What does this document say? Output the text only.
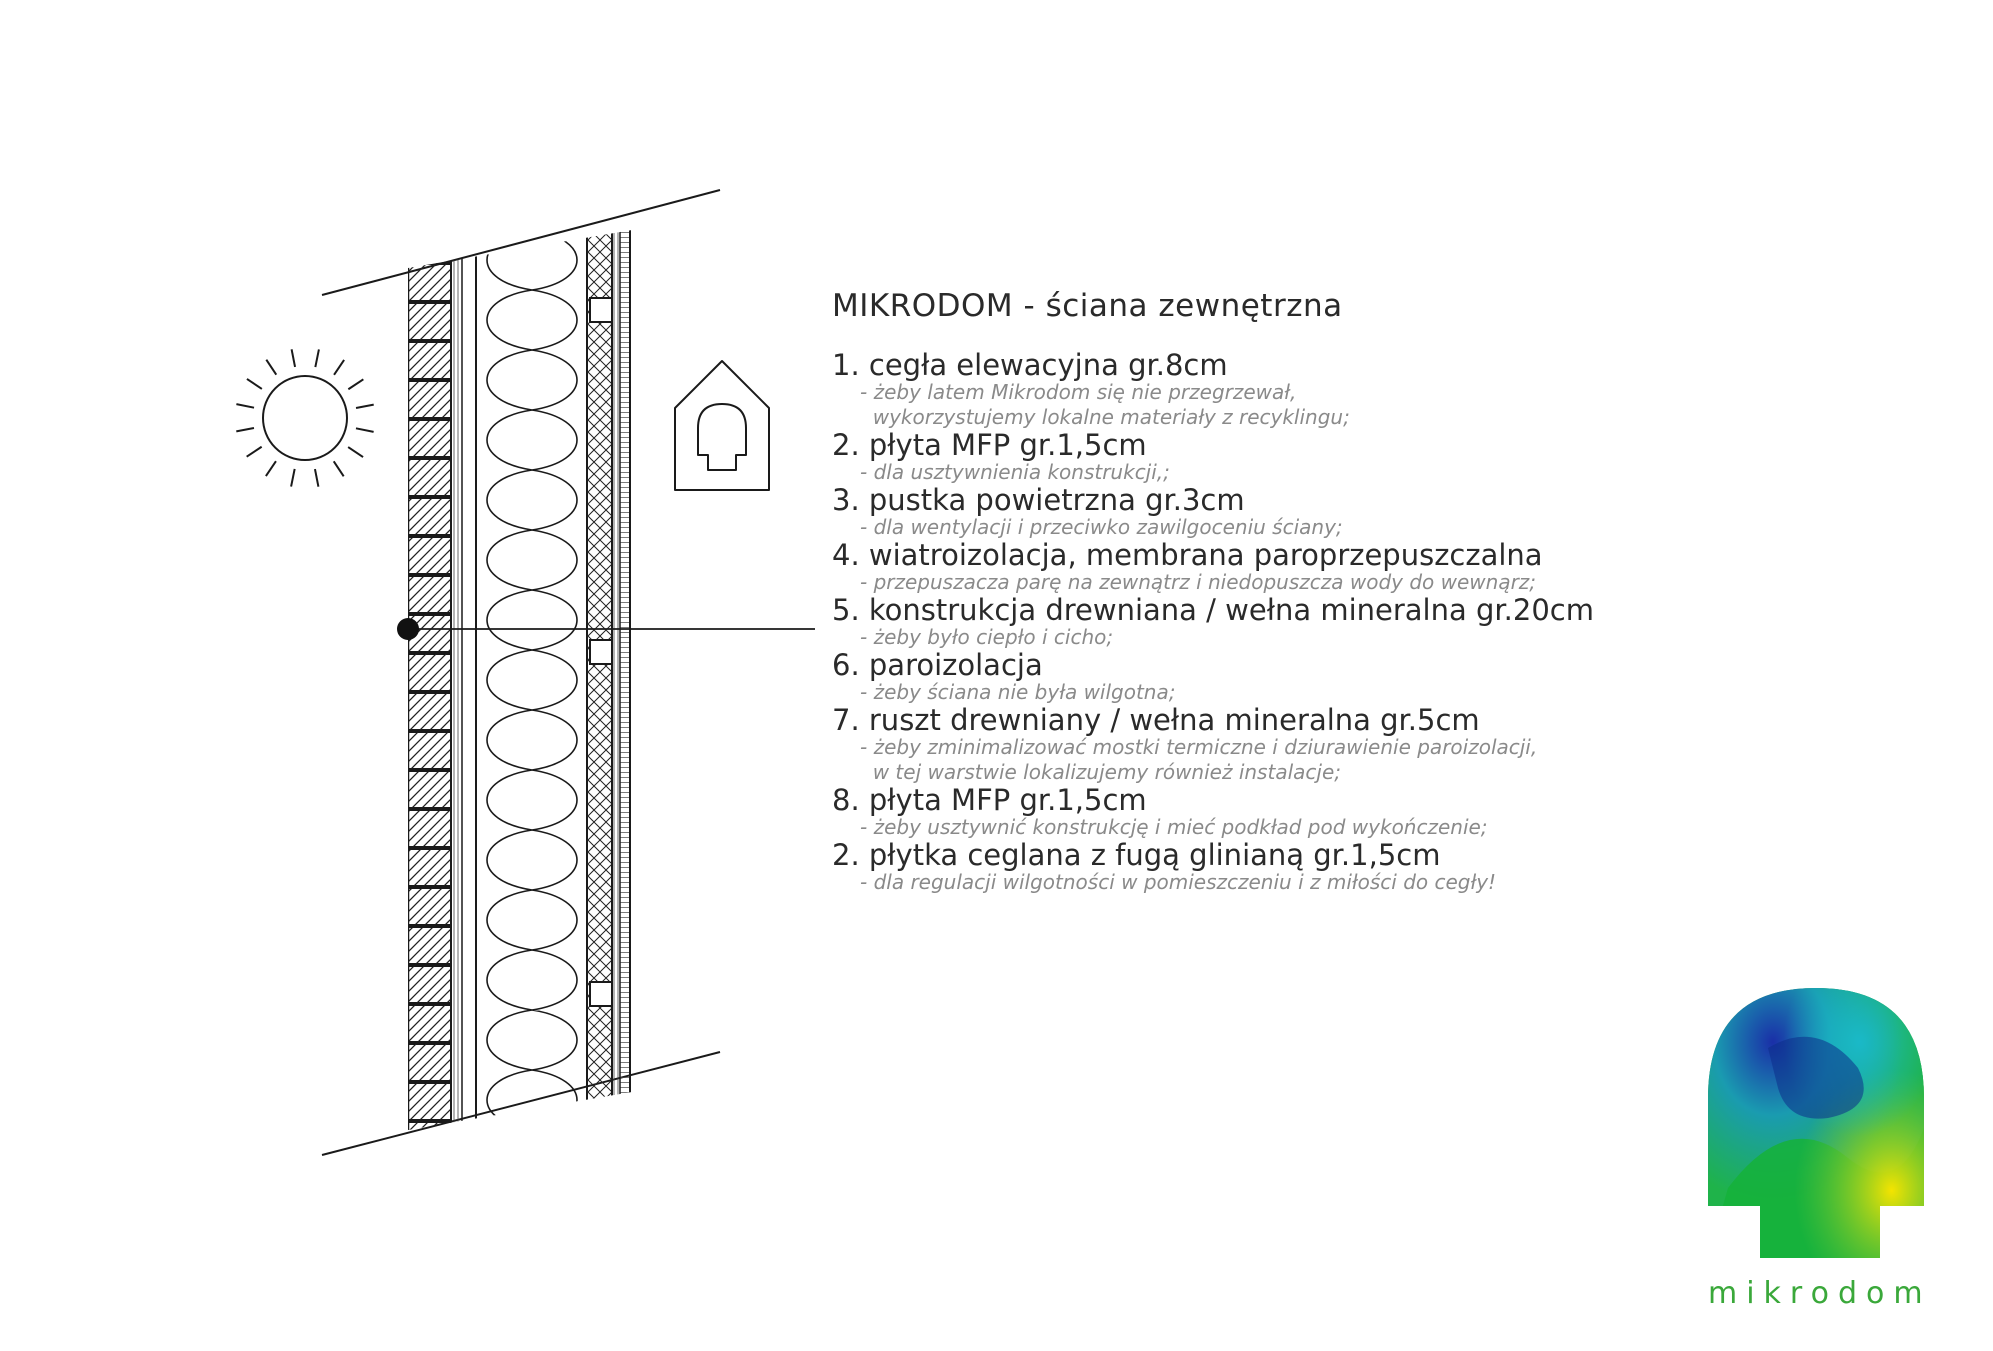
MIKRODOM - ściana zewnętrzna
1. cegła elewacyjna gr.8cm
- żeby latem Mikrodom się nie przegrzewał,
wykorzystujemy lokalne materiały z recyklingu;
2. płyta MFP gr.1,5cm
- dla usztywnienia konstrukcji,;
3. pustka powietrzna gr.3cm
- dla wentylacji i przeciwko zawilgoceniu ściany;
4. wiatroizolacja, membrana paroprzepuszczalna
- przepuszacza parę na zewnątrz i niedopuszcza wody do wewnąrz;
5. konstrukcja drewniana / wełna mineralna gr.20cm
- żeby było ciepło i cicho;
6. paroizolacja
- żeby ściana nie była wilgotna;
7. ruszt drewniany / wełna mineralna gr.5cm
- żeby zminimalizować mostki termiczne i dziurawienie paroizolacji,
w tej warstwie lokalizujemy również instalacje;
8. płyta MFP gr.1,5cm
- żeby usztywnić konstrukcję i mieć podkład pod wykończenie;
2. płytka ceglana z fugą glinianą gr.1,5cm
- dla regulacji wilgotności w pomieszczeniu i z miłości do cegły!
mikrodom
